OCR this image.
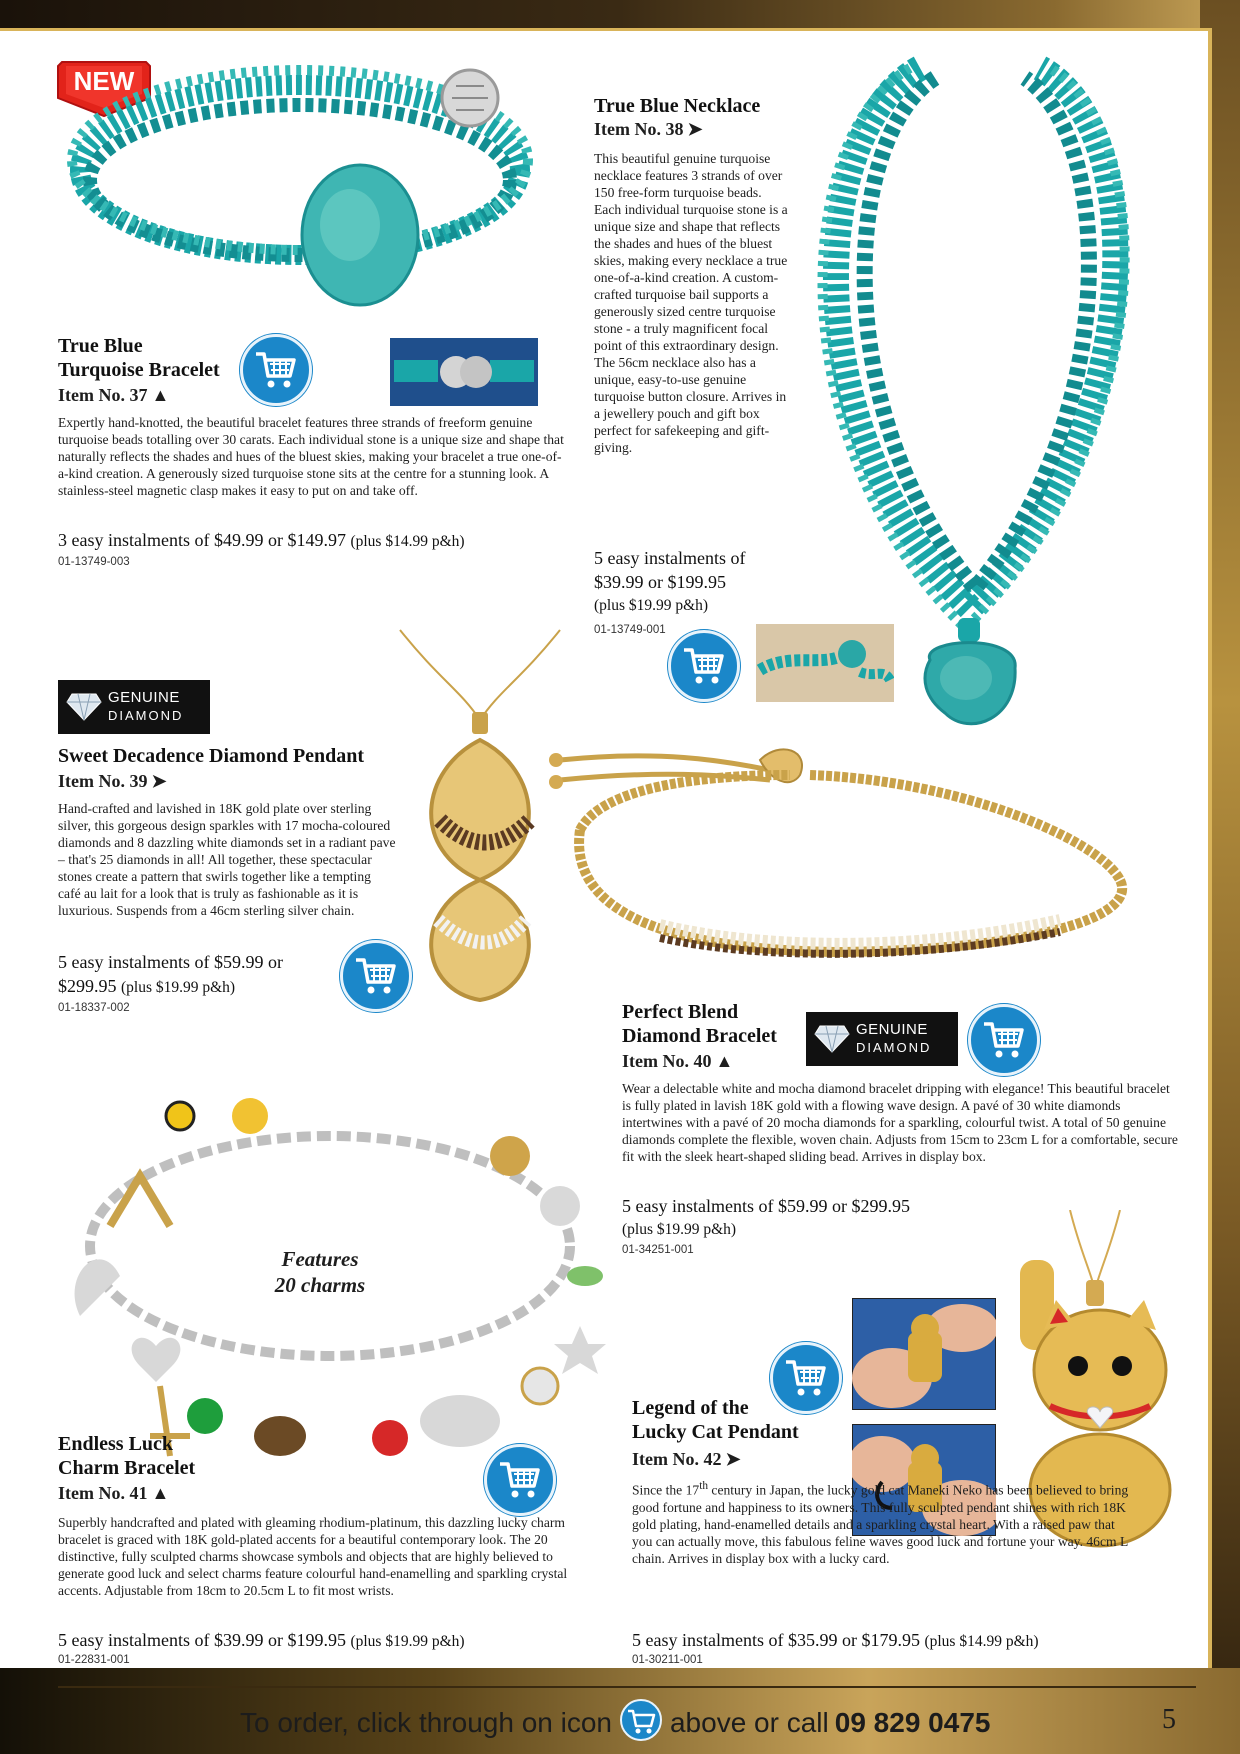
NEW
True Blue
Turquoise Bracelet
Item No. 37 ▲
Expertly hand-knotted, the beautiful bracelet features three strands of freeform genuine turquoise beads totalling over 30 carats. Each individual stone is a unique size and shape that naturally reflects the shades and hues of the bluest skies, making your bracelet a true one-of-a-kind creation. A generously sized turquoise stone sits at the centre for a stunning look. A stainless-steel magnetic clasp makes it easy to put on and take off.
3 easy instalments of $49.99 or $149.97 (plus $14.99 p&h)
01-13749-003
True Blue Necklace
Item No. 38 ➤
This beautiful genuine turquoise necklace features 3 strands of over 150 free-form turquoise beads. Each individual turquoise stone is a unique size and shape that reflects the shades and hues of the bluest skies, making every necklace a true one-of-a-kind creation. A custom-crafted turquoise bail supports a generously sized centre turquoise stone - a truly magnificent focal point of this extraordinary design. The 56cm necklace also has a unique, easy-to-use genuine turquoise button closure. Arrives in a jewellery pouch and gift box perfect for safekeeping and gift-giving.
5 easy instalments of
$39.99 or $199.95
(plus $19.99 p&h)
01-13749-001
GENUINE
DIAMOND
Sweet Decadence Diamond Pendant
Item No. 39 ➤
Hand-crafted and lavished in 18K gold plate over sterling silver, this gorgeous design sparkles with 17 mocha-coloured diamonds and 8 dazzling white diamonds set in a radiant pave – that's 25 diamonds in all! All together, these spectacular stones create a pattern that swirls together like a tempting café au lait for a look that is truly as fashionable as it is luxurious. Suspends from a 46cm sterling silver chain.
5 easy instalments of $59.99 or
$299.95 (plus $19.99 p&h)
01-18337-002	Perfect Blend
Diamond Bracelet
Item No. 40 ▲
GENUINE
DIAMOND
Wear a delectable white and mocha diamond bracelet dripping with elegance! This beautiful bracelet is fully plated in lavish 18K gold with a flowing wave design. A pavé of 30 white diamonds intertwines with a pavé of 20 mocha diamonds for a sparkling, colourful twist. A total of 50 genuine diamonds complete the flexible, woven chain. Adjusts from 15cm to 23cm L for a comfortable, secure fit with the sleek heart-shaped sliding bead. Arrives in display box.
5 easy instalments of $59.99 or $299.95
(plus $19.99 p&h)
01-34251-001
Features
20 charms
Endless Luck
Charm Bracelet
Item No. 41 ▲
Superbly handcrafted and plated with gleaming rhodium-platinum, this dazzling lucky charm bracelet is graced with 18K gold-plated accents for a beautiful contemporary look. The 20 distinctive, fully sculpted charms showcase symbols and objects that are highly believed to generate good luck and select charms feature colourful hand-enamelling and sparkling crystal accents. Adjustable from 18cm to 20.5cm L to fit most wrists.
5 easy instalments of $39.99 or $199.95 (plus $19.99 p&h)
01-22831-001
Legend of the
Lucky Cat Pendant
Item No. 42 ➤
Since the 17th century in Japan, the lucky gold cat Maneki Neko has been believed to bring good fortune and happiness to its owners. This fully sculpted pendant shines with rich 18K gold plating, hand-enamelled details and a sparkling crystal heart. With a raised paw that you can actually move, this fabulous feline waves good luck and fortune your way. 46cm L chain. Arrives in display box with a lucky card.
5 easy instalments of $35.99 or $179.95 (plus $14.99 p&h)
01-30211-001
To order, click through on icon above or call 09 829 0475	5
